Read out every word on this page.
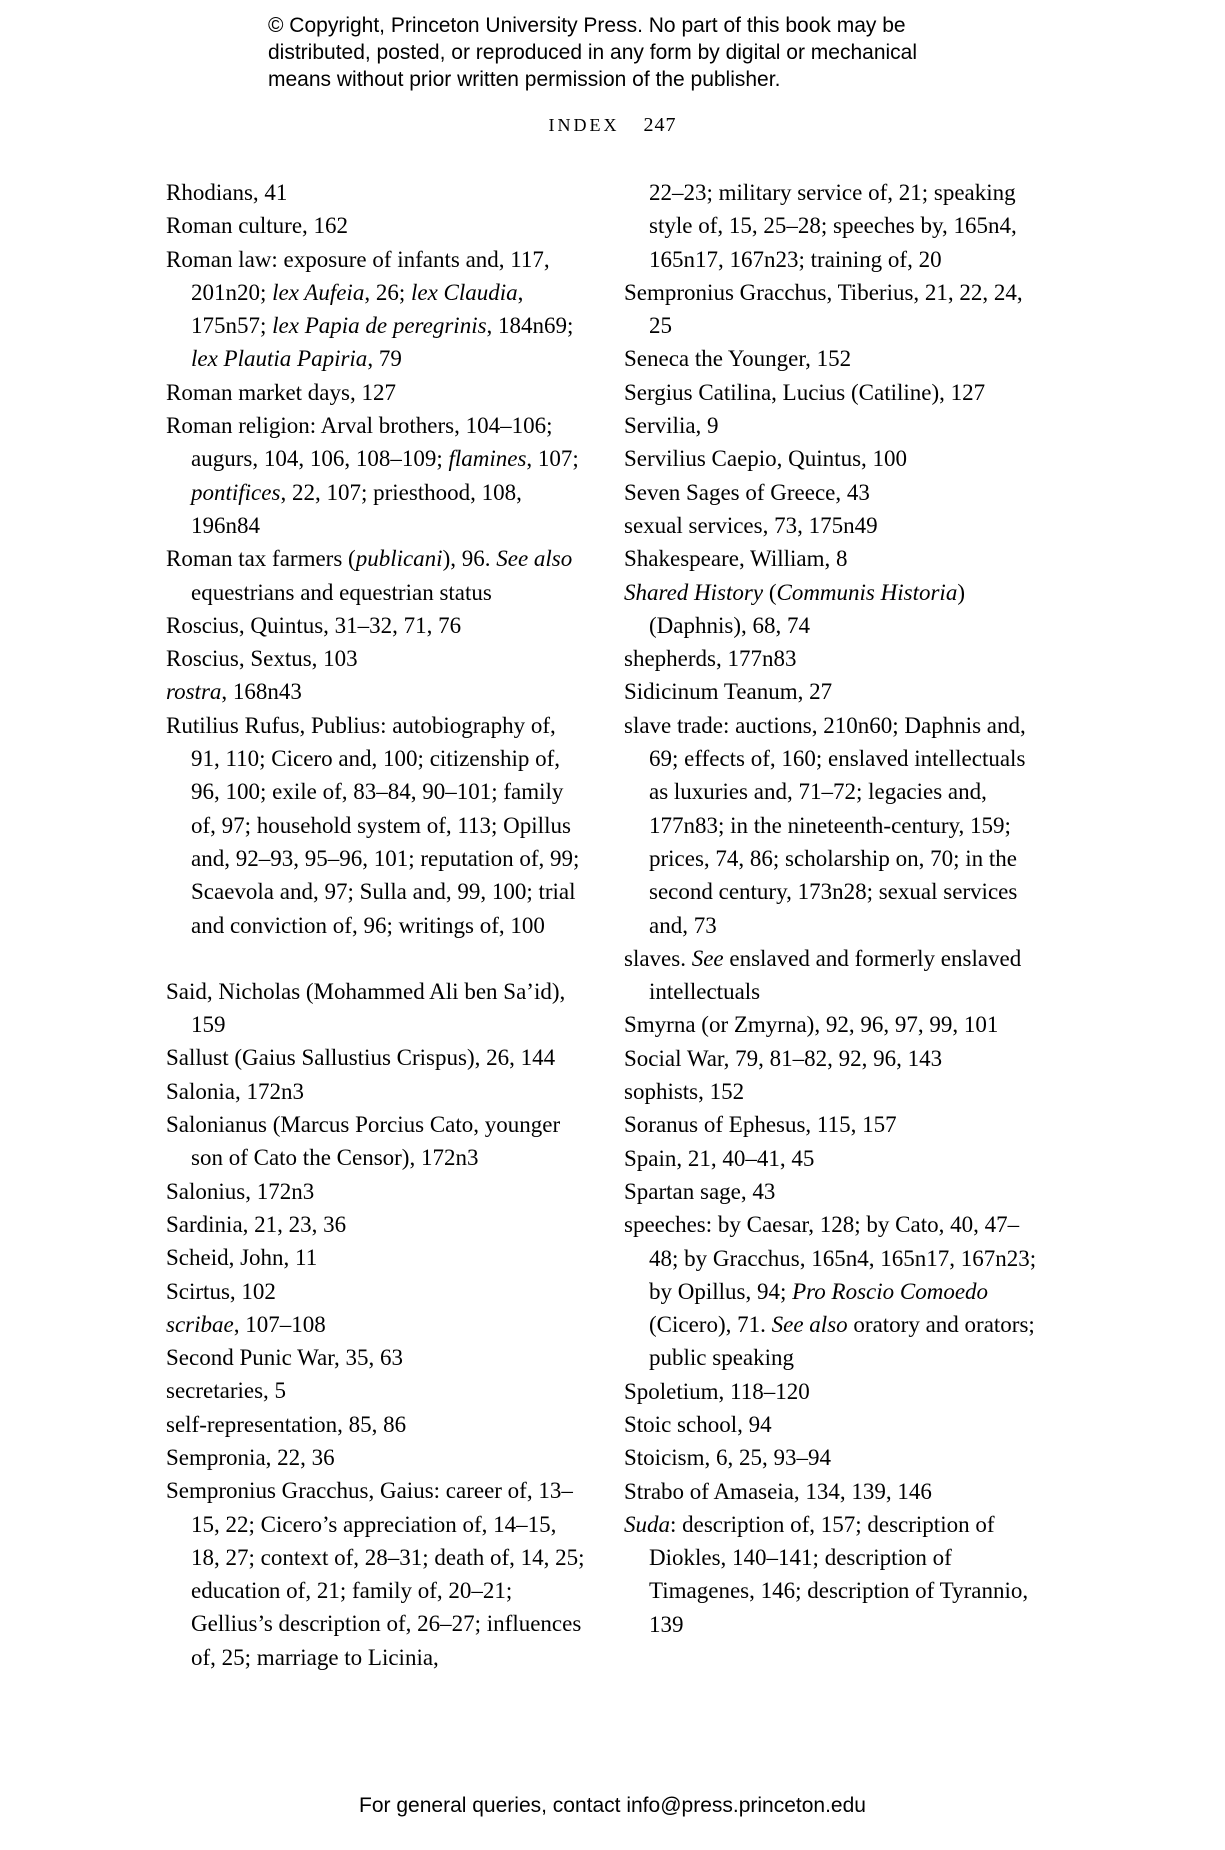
© Copyright, Princeton University Press. No part of this book may be
distributed, posted, or reproduced in any form by digital or mechanical
means without prior written permission of the publisher.
INDEX 247

Rhodians, 41

Roman culture, 162

Roman law: exposure of infants and, 117, 201n20; lex Aufeia, 26; lex Claudia, 175n57; lex Papia de peregrinis, 184n69; lex Plautia Papiria, 79

Roman market days, 127

Roman religion: Arval brothers, 104–106; augurs, 104, 106, 108–109; flamines, 107; pontifices, 22, 107; priesthood, 108, 196n84

Roman tax farmers (publicani), 96. See also equestrians and equestrian status

Roscius, Quintus, 31–32, 71, 76

Roscius, Sextus, 103

rostra, 168n43

Rutilius Rufus, Publius: autobiography of, 91, 110; Cicero and, 100; citizenship of, 96, 100; exile of, 83–84, 90–101; family of, 97; household system of, 113; Opillus and, 92–93, 95–96, 101; reputation of, 99; Scaevola and, 97; Sulla and, 99, 100; trial and conviction of, 96; writings of, 100

Said, Nicholas (Mohammed Ali ben Sa’id), 159

Sallust (Gaius Sallustius Crispus), 26, 144

Salonia, 172n3

Salonianus (Marcus Porcius Cato, younger son of Cato the Censor), 172n3

Salonius, 172n3

Sardinia, 21, 23, 36

Scheid, John, 11

Scirtus, 102

scribae, 107–108

Second Punic War, 35, 63

secretaries, 5

self-representation, 85, 86

Sempronia, 22, 36

Sempronius Gracchus, Gaius: career of, 13–15, 22; Cicero’s appreciation of, 14–15, 18, 27; context of, 28–31; death of, 14, 25; education of, 21; family of, 20–21; Gellius’s description of, 26–27; influences of, 25; marriage to Licinia,

22–23; military service of, 21; speaking style of, 15, 25–28; speeches by, 165n4, 165n17, 167n23; training of, 20

Sempronius Gracchus, Tiberius, 21, 22, 24, 25

Seneca the Younger, 152

Sergius Catilina, Lucius (Catiline), 127

Servilia, 9

Servilius Caepio, Quintus, 100

Seven Sages of Greece, 43

sexual services, 73, 175n49

Shakespeare, William, 8

Shared History (Communis Historia) (Daphnis), 68, 74

shepherds, 177n83

Sidicinum Teanum, 27

slave trade: auctions, 210n60; Daphnis and, 69; effects of, 160; enslaved intellectuals as luxuries and, 71–72; legacies and, 177n83; in the nineteenth-century, 159; prices, 74, 86; scholarship on, 70; in the second century, 173n28; sexual services and, 73

slaves. See enslaved and formerly enslaved intellectuals

Smyrna (or Zmyrna), 92, 96, 97, 99, 101

Social War, 79, 81–82, 92, 96, 143

sophists, 152

Soranus of Ephesus, 115, 157

Spain, 21, 40–41, 45

Spartan sage, 43

speeches: by Caesar, 128; by Cato, 40, 47–48; by Gracchus, 165n4, 165n17, 167n23; by Opillus, 94; Pro Roscio Comoedo (Cicero), 71. See also oratory and orators; public speaking

Spoletium, 118–120

Stoic school, 94

Stoicism, 6, 25, 93–94

Strabo of Amaseia, 134, 139, 146

Suda: description of, 157; description of Diokles, 140–141; description of Timagenes, 146; description of Tyrannio, 139

For general queries, contact info@press.princeton.edu
